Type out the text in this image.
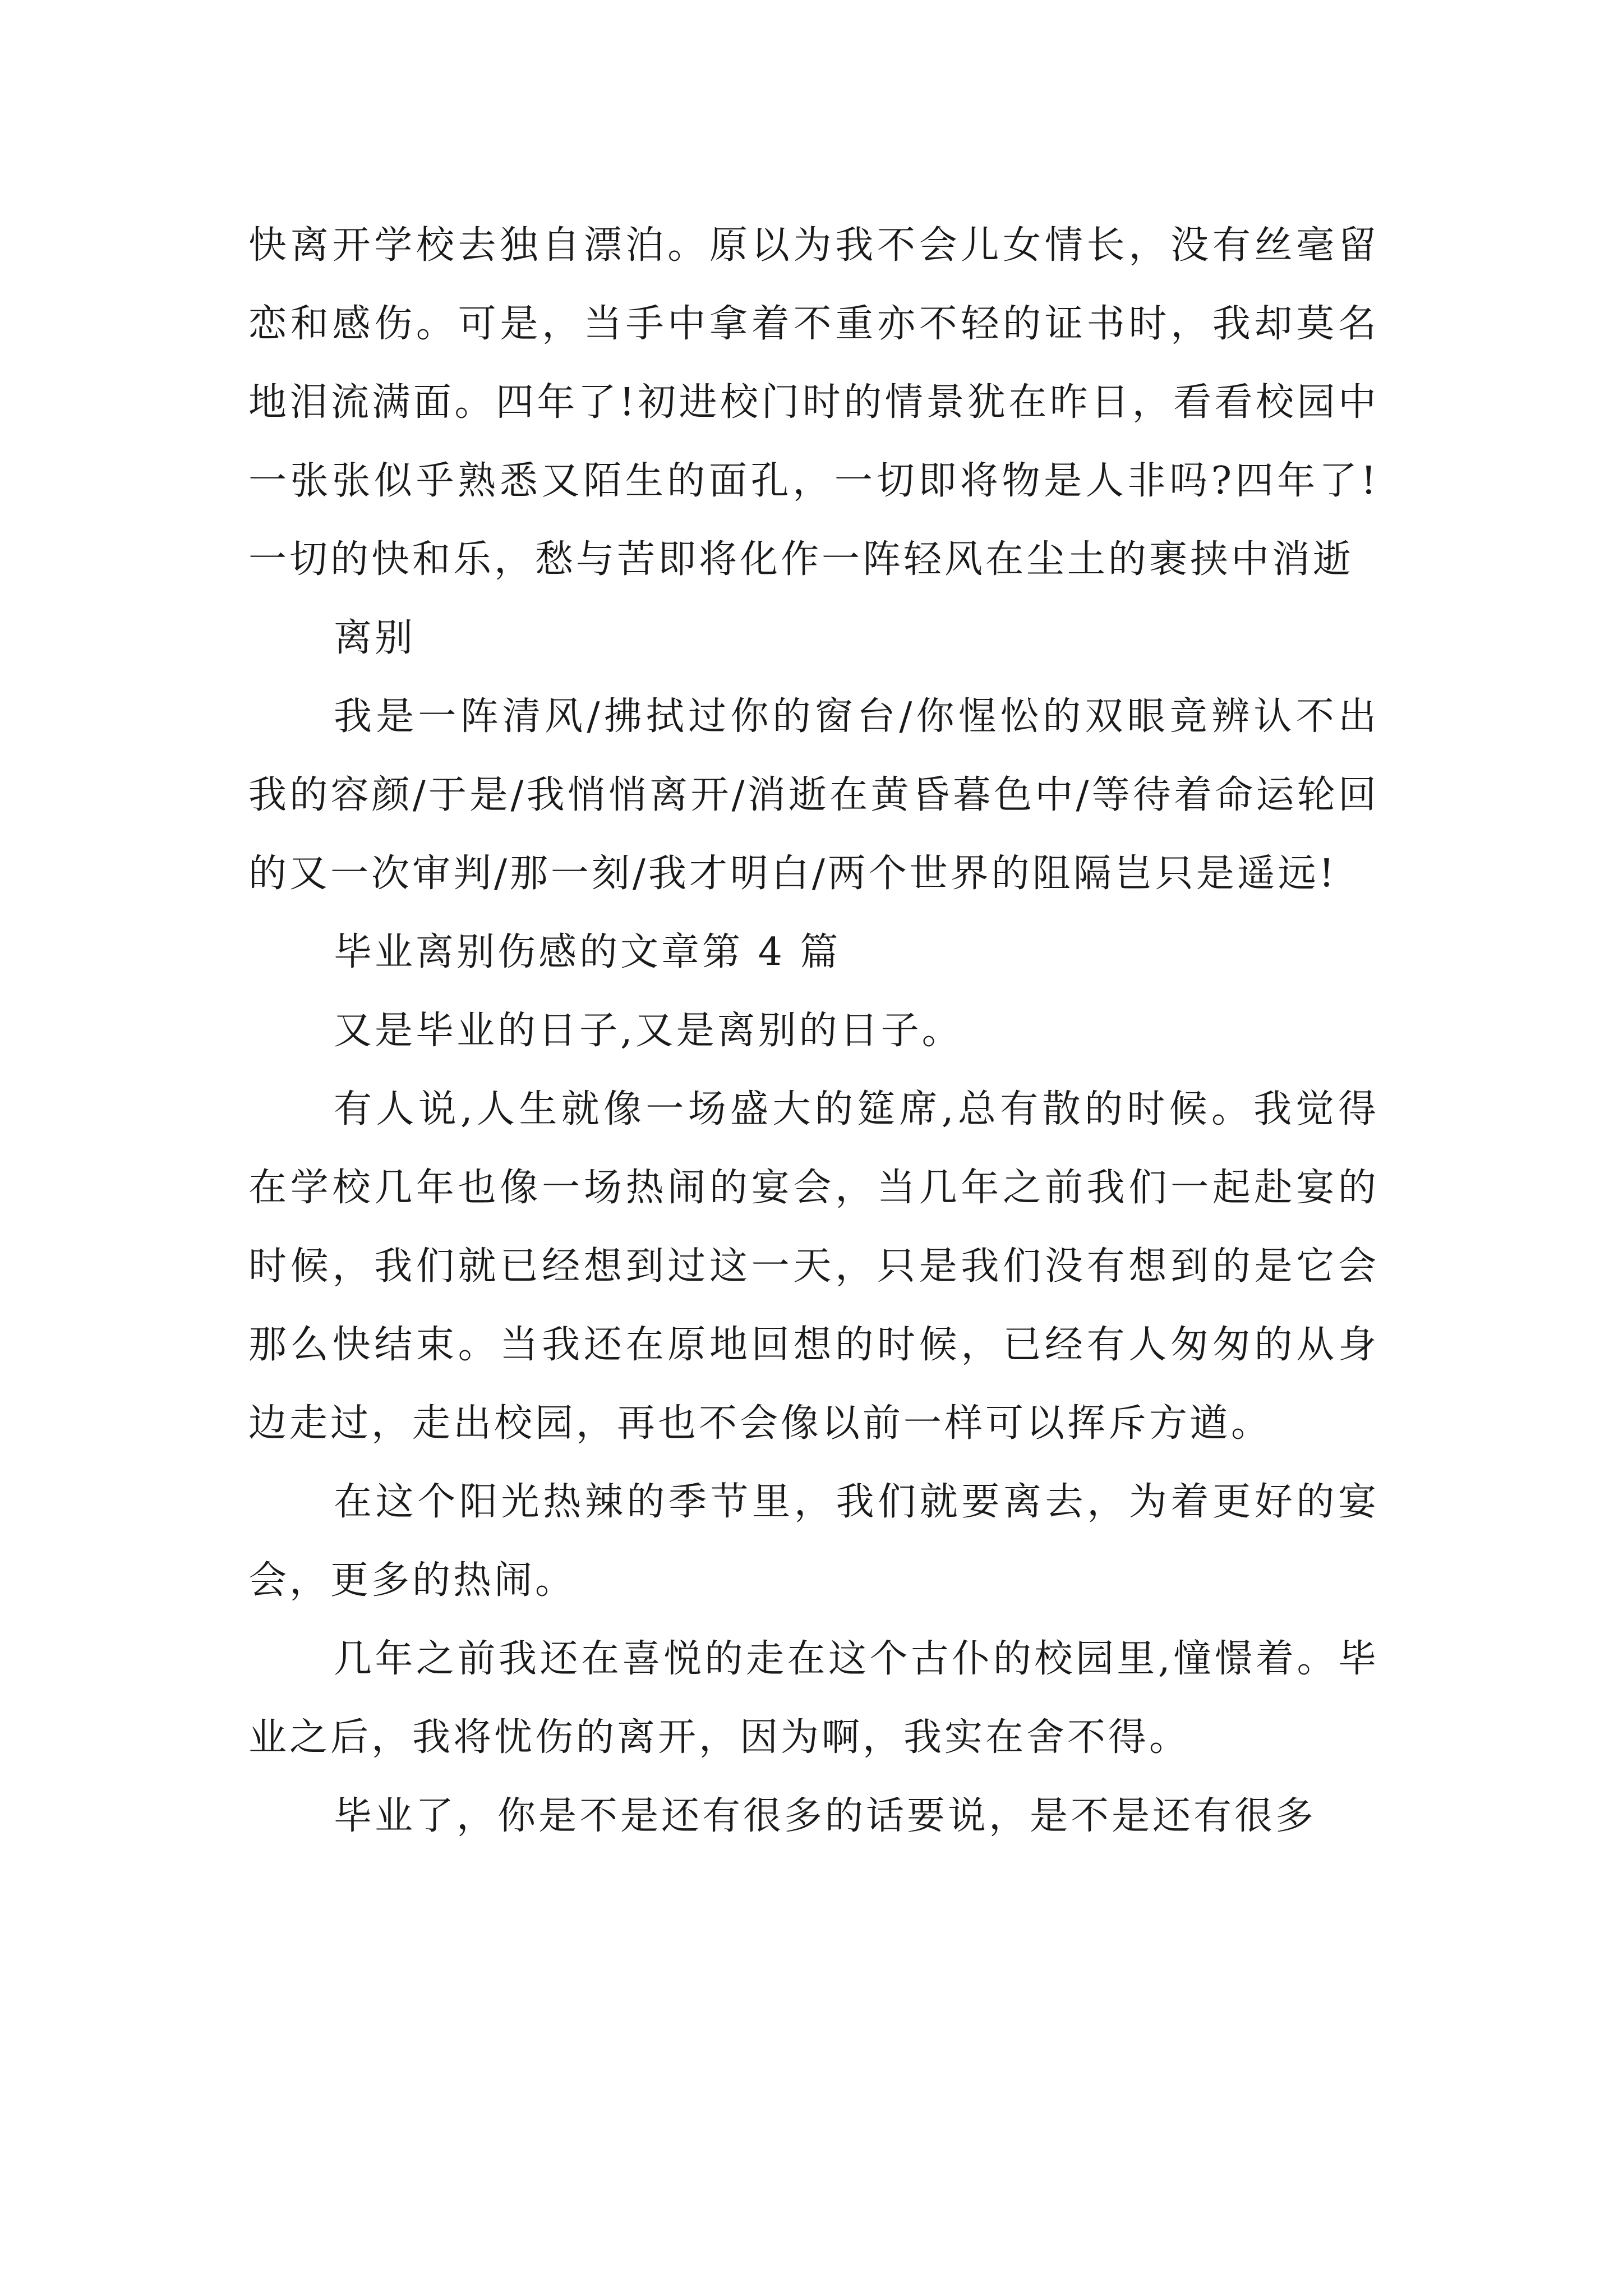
快离开学校去独自漂泊。原以为我不会儿女情长，没有丝毫留恋和感伤。可是，当手中拿着不重亦不轻的证书时，我却莫名地泪流满面。四年了!初进校门时的情景犹在昨日，看看校园中一张张似乎熟悉又陌生的面孔，一切即将物是人非吗?四年了!一切的快和乐，愁与苦即将化作一阵轻风在尘土的裹挟中消逝

离别

我是一阵清风/拂拭过你的窗台/你惺忪的双眼竟辨认不出我的容颜/于是/我悄悄离开/消逝在黄昏暮色中/等待着命运轮回的又一次审判/那一刻/我才明白/两个世界的阻隔岂只是遥远!

毕业离别伤感的文章第 4 篇

又是毕业的日子,又是离别的日子。

有人说,人生就像一场盛大的筵席,总有散的时候。我觉得在学校几年也像一场热闹的宴会，当几年之前我们一起赴宴的时候，我们就已经想到过这一天，只是我们没有想到的是它会那么快结束。当我还在原地回想的时候，已经有人匆匆的从身边走过，走出校园，再也不会像以前一样可以挥斥方遒。

在这个阳光热辣的季节里，我们就要离去，为着更好的宴会，更多的热闹。

几年之前我还在喜悦的走在这个古仆的校园里,憧憬着。毕业之后，我将忧伤的离开，因为啊，我实在舍不得。

毕业了，你是不是还有很多的话要说，是不是还有很多
